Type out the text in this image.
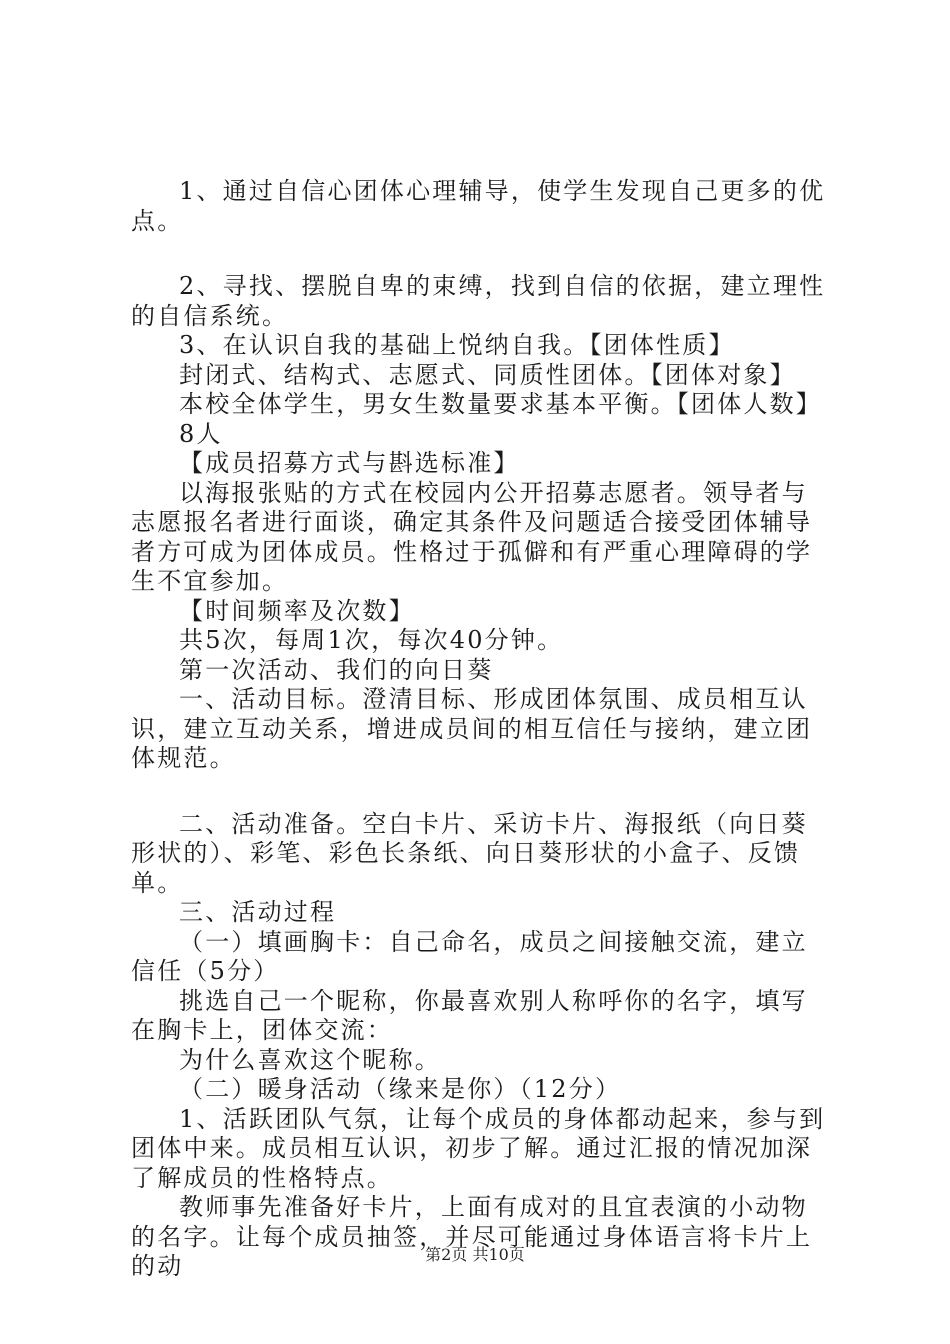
1、通过自信心团体心理辅导，使学生发现自己更多的优点。

2、寻找、摆脱自卑的束缚，找到自信的依据，建立理性的自信系统。

3、在认识自我的基础上悦纳自我。【团体性质】

封闭式、结构式、志愿式、同质性团体。【团体对象】

本校全体学生，男女生数量要求基本平衡。【团体人数】

8人

【成员招募方式与斟选标准】

以海报张贴的方式在校园内公开招募志愿者。领导者与志愿报名者进行面谈，确定其条件及问题适合接受团体辅导者方可成为团体成员。性格过于孤僻和有严重心理障碍的学生不宜参加。

【时间频率及次数】

共5次，每周1次，每次40分钟。

第一次活动、我们的向日葵

一、活动目标。澄清目标、形成团体氛围、成员相互认识，建立互动关系，增进成员间的相互信任与接纳，建立团体规范。

二、活动准备。空白卡片、采访卡片、海报纸（向日葵形状的）、彩笔、彩色长条纸、向日葵形状的小盒子、反馈单。

三、活动过程

（一）填画胸卡：自己命名，成员之间接触交流，建立信任（5分）

挑选自己一个昵称，你最喜欢别人称呼你的名字，填写在胸卡上，团体交流：

为什么喜欢这个昵称。

（二）暖身活动（缘来是你）（12分）

1、活跃团队气氛，让每个成员的身体都动起来，参与到团体中来。成员相互认识，初步了解。通过汇报的情况加深了解成员的性格特点。

教师事先准备好卡片，上面有成对的且宜表演的小动物的名字。让每个成员抽签，并尽可能通过身体语言将卡片上的动	第2页 共10页
